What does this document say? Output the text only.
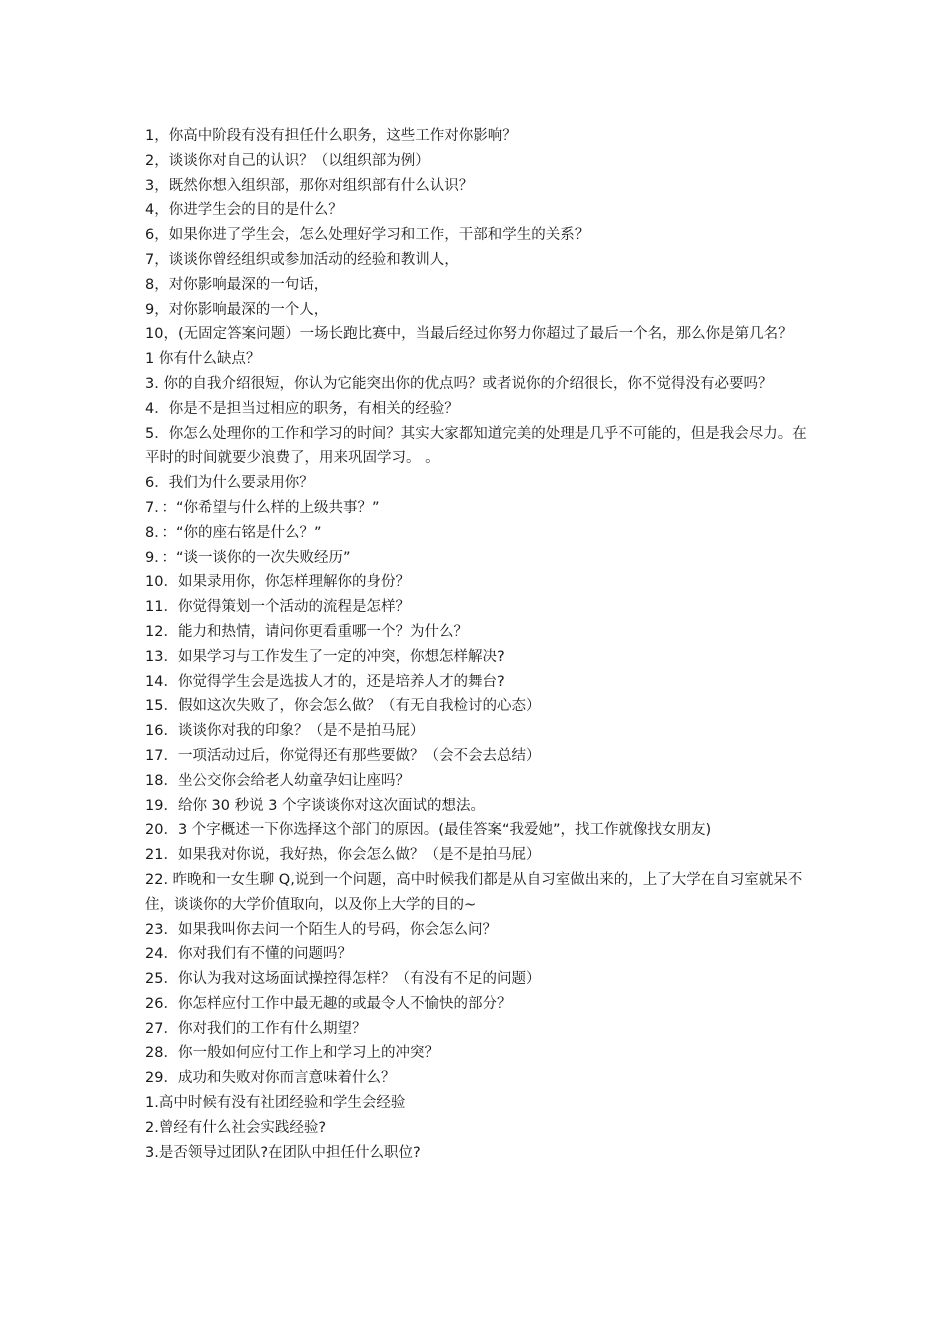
1，你高中阶段有没有担任什么职务，这些工作对你影响？

2，谈谈你对自己的认识？（以组织部为例）

3，既然你想入组织部，那你对组织部有什么认识？

4，你进学生会的目的是什么？

6，如果你进了学生会，怎么处理好学习和工作，干部和学生的关系？

7，谈谈你曾经组织或参加活动的经验和教训人，

8，对你影响最深的一句话，

9，对你影响最深的一个人，

10，(无固定答案问题）一场长跑比赛中，当最后经过你努力你超过了最后一个名，那么你是第几名？

1 你有什么缺点？

3. 你的自我介绍很短，你认为它能突出你的优点吗？或者说你的介绍很长，你不觉得没有必要吗？

4．你是不是担当过相应的职务，有相关的经验？

5．你怎么处理你的工作和学习的时间？其实大家都知道完美的处理是几乎不可能的，但是我会尽力。在平时的时间就要少浪费了，用来巩固学习。 。

6．我们为什么要录用你？

7．：“你希望与什么样的上级共事？”

8．：“你的座右铭是什么？”

9．：“谈一谈你的一次失败经历”

10．如果录用你，你怎样理解你的身份？

11．你觉得策划一个活动的流程是怎样？

12．能力和热情，请问你更看重哪一个？为什么？

13．如果学习与工作发生了一定的冲突，你想怎样解决?

14．你觉得学生会是选拔人才的，还是培养人才的舞台?

15．假如这次失败了，你会怎么做？（有无自我检讨的心态）

16．谈谈你对我的印象？（是不是拍马屁）

17．一项活动过后，你觉得还有那些要做？（会不会去总结）

18．坐公交你会给老人幼童孕妇让座吗？

19．给你 30 秒说 3 个字谈谈你对这次面试的想法。

20．3 个字概述一下你选择这个部门的原因。(最佳答案“我爱她”，找工作就像找女朋友)

21．如果我对你说，我好热，你会怎么做？（是不是拍马屁）

22. 昨晚和一女生聊 Q,说到一个问题，高中时候我们都是从自习室做出来的，上了大学在自习室就呆不住，谈谈你的大学价值取向，以及你上大学的目的~

23．如果我叫你去问一个陌生人的号码，你会怎么问？

24．你对我们有不懂的问题吗？

25．你认为我对这场面试操控得怎样？（有没有不足的问题）

26．你怎样应付工作中最无趣的或最令人不愉快的部分？

27．你对我们的工作有什么期望？

28．你一般如何应付工作上和学习上的冲突？

29．成功和失败对你而言意味着什么？

1.高中时候有没有社团经验和学生会经验

2.曾经有什么社会实践经验?

3.是否领导过团队?在团队中担任什么职位?
